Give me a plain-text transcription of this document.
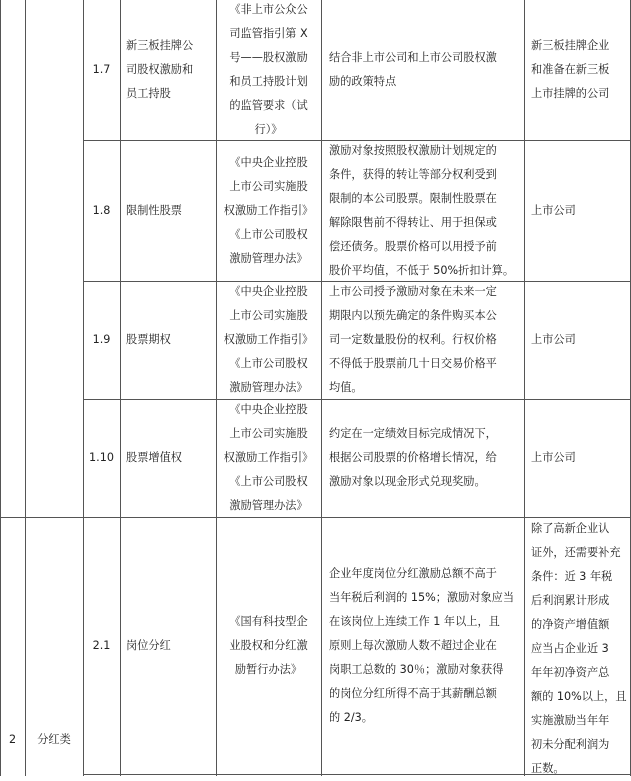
1.7
新三板挂牌公
司股权激励和
员工持股
《非上市公众公
司监管指引第 X
号——股权激励
和员工持股计划
的监管要求（试
行）》
结合非上市公司和上市公司股权激
励的政策特点
新三板挂牌企业
和准备在新三板
上市挂牌的公司
1.8 限制性股票
《中央企业控股
上市公司实施股
权激励工作指引》
《上市公司股权
激励管理办法》
激励对象按照股权激励计划规定的
条件，获得的转让等部分权利受到
限制的本公司股票。限制性股票在
解除限售前不得转让、用于担保或
偿还债务。股票价格可以用授予前
股价平均值，不低于 50%折扣计算。
上市公司
1.9 股票期权
《中央企业控股
上市公司实施股
权激励工作指引》
《上市公司股权
激励管理办法》
上市公司授予激励对象在未来一定
期限内以预先确定的条件购买本公
司一定数量股份的权利。行权价格
不得低于股票前几十日交易价格平
均值。
上市公司
1.10 股票增值权
《中央企业控股
上市公司实施股
权激励工作指引》
《上市公司股权
激励管理办法》
约定在一定绩效目标完成情况下，
根据公司股票的价格增长情况，给
激励对象以现金形式兑现奖励。
上市公司
2	分红类
2.1 岗位分红
《国有科技型企
业股权和分红激
励暂行办法》
企业年度岗位分红激励总额不高于
当年税后利润的 15%；激励对象应当
在该岗位上连续工作 1 年以上，且
原则上每次激励人数不超过企业在
岗职工总数的 30％；激励对象获得
的岗位分红所得不高于其薪酬总额
的 2/3。
除了高新企业认
证外，还需要补充
条件：近 3 年税
后利润累计形成
的净资产增值额
应当占企业近 3
年年初净资产总
额的 10%以上，且
实施激励当年年
初未分配利润为
正数。
